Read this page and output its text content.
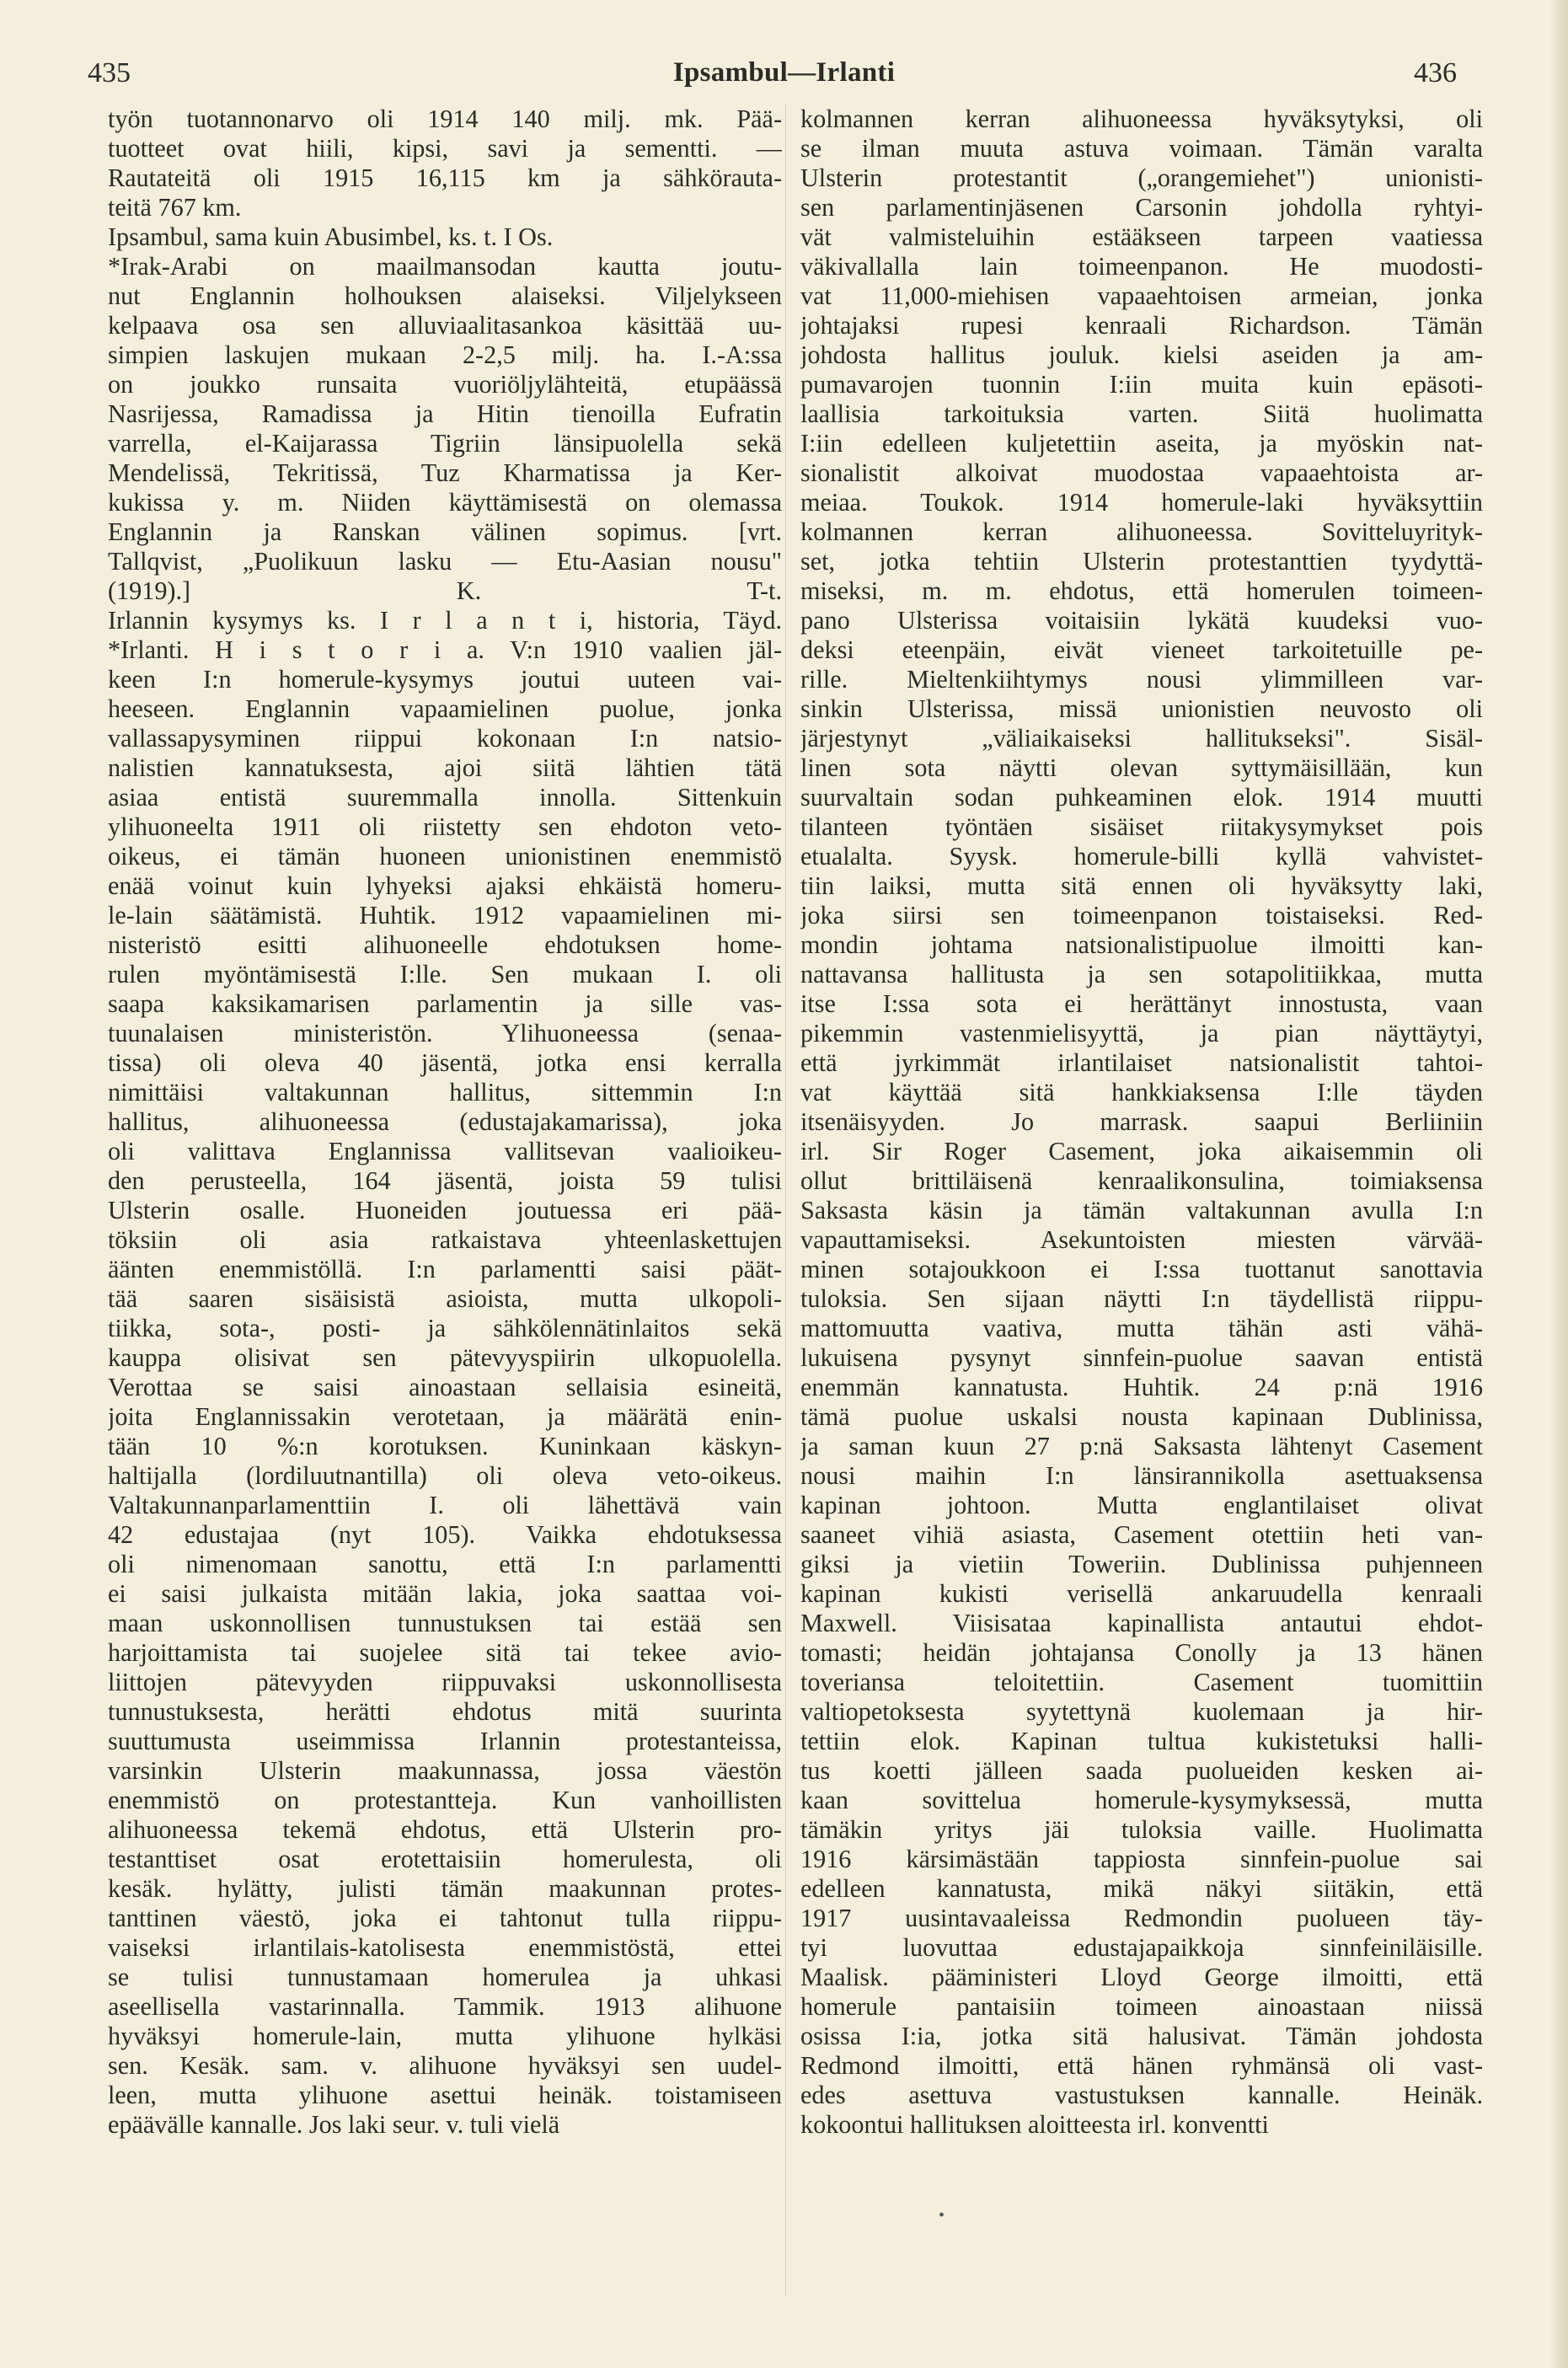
435	Ipsambul—Irlanti	436
työn tuotannonarvo oli 1914 140 milj. mk. Pää-
tuotteet ovat hiili, kipsi, savi ja sementti. —
Rautateitä oli 1915 16,115 km ja sähkörauta-
teitä 767 km.
Ipsambul, sama kuin Abusimbel, ks. t. I Os.
*Irak-Arabi on maailmansodan kautta joutu-
nut Englannin holhouksen alaiseksi. Viljelykseen
kelpaava osa sen alluviaalitasankoa käsittää uu-
simpien laskujen mukaan 2-2,5 milj. ha. I.-A:ssa
on joukko runsaita vuoriöljylähteitä, etupäässä
Nasrijessa, Ramadissa ja Hitin tienoilla Eufratin
varrella, el-Kaijarassa Tigriin länsipuolella sekä
Mendelissä, Tekritissä, Tuz Kharmatissa ja Ker-
kukissa y. m. Niiden käyttämisestä on olemassa
Englannin ja Ranskan välinen sopimus. [vrt.
Tallqvist, „Puolikuun lasku — Etu-Aasian nousu"
(1919).] K. T-t.
Irlannin kysymys ks. I r l a n t i, historia, Täyd.
*Irlanti. H i s t o r i a. V:n 1910 vaalien jäl-
keen I:n homerule-kysymys joutui uuteen vai-
heeseen. Englannin vapaamielinen puolue, jonka
vallassapysyminen riippui kokonaan I:n natsio-
nalistien kannatuksesta, ajoi siitä lähtien tätä
asiaa entistä suuremmalla innolla. Sittenkuin
ylihuoneelta 1911 oli riistetty sen ehdoton veto-
oikeus, ei tämän huoneen unionistinen enemmistö
enää voinut kuin lyhyeksi ajaksi ehkäistä homeru-
le-lain säätämistä. Huhtik. 1912 vapaamielinen mi-
nisteristö esitti alihuoneelle ehdotuksen home-
rulen myöntämisestä I:lle. Sen mukaan I. oli
saapa kaksikamarisen parlamentin ja sille vas-
tuunalaisen ministeristön. Ylihuoneessa (senaa-
tissa) oli oleva 40 jäsentä, jotka ensi kerralla
nimittäisi valtakunnan hallitus, sittemmin I:n
hallitus, alihuoneessa (edustajakamarissa), joka
oli valittava Englannissa vallitsevan vaalioikeu-
den perusteella, 164 jäsentä, joista 59 tulisi
Ulsterin osalle. Huoneiden joutuessa eri pää-
töksiin oli asia ratkaistava yhteenlaskettujen
äänten enemmistöllä. I:n parlamentti saisi päät-
tää saaren sisäisistä asioista, mutta ulkopoli-
tiikka, sota-, posti- ja sähkölennätinlaitos sekä
kauppa olisivat sen pätevyyspiirin ulkopuolella.
Verottaa se saisi ainoastaan sellaisia esineitä,
joita Englannissakin verotetaan, ja määrätä enin-
tään 10 %:n korotuksen. Kuninkaan käskyn-
haltijalla (lordiluutnantilla) oli oleva veto-oikeus.
Valtakunnanparlamenttiin I. oli lähettävä vain
42 edustajaa (nyt 105). Vaikka ehdotuksessa
oli nimenomaan sanottu, että I:n parlamentti
ei saisi julkaista mitään lakia, joka saattaa voi-
maan uskonnollisen tunnustuksen tai estää sen
harjoittamista tai suojelee sitä tai tekee avio-
liittojen pätevyyden riippuvaksi uskonnollisesta
tunnustuksesta, herätti ehdotus mitä suurinta
suuttumusta useimmissa Irlannin protestanteissa,
varsinkin Ulsterin maakunnassa, jossa väestön
enemmistö on protestantteja. Kun vanhoillisten
alihuoneessa tekemä ehdotus, että Ulsterin pro-
testanttiset osat erotettaisiin homerulesta, oli
kesäk. hylätty, julisti tämän maakunnan protes-
tanttinen väestö, joka ei tahtonut tulla riippu-
vaiseksi irlantilais-katolisesta enemmistöstä, ettei
se tulisi tunnustamaan homerulea ja uhkasi
aseellisella vastarinnalla. Tammik. 1913 alihuone
hyväksyi homerule-lain, mutta ylihuone hylkäsi
sen. Kesäk. sam. v. alihuone hyväksyi sen uudel-
leen, mutta ylihuone asettui heinäk. toistamiseen
epäävälle kannalle. Jos laki seur. v. tuli vielä
kolmannen kerran alihuoneessa hyväksytyksi, oli
se ilman muuta astuva voimaan. Tämän varalta
Ulsterin protestantit („orangemiehet") unionisti-
sen parlamentinjäsenen Carsonin johdolla ryhtyi-
vät valmisteluihin estääkseen tarpeen vaatiessa
väkivallalla lain toimeenpanon. He muodosti-
vat 11,000-miehisen vapaaehtoisen armeian, jonka
johtajaksi rupesi kenraali Richardson. Tämän
johdosta hallitus jouluk. kielsi aseiden ja am-
pumavarojen tuonnin I:iin muita kuin epäsoti-
laallisia tarkoituksia varten. Siitä huolimatta
I:iin edelleen kuljetettiin aseita, ja myöskin nat-
sionalistit alkoivat muodostaa vapaaehtoista ar-
meiaa. Toukok. 1914 homerule-laki hyväksyttiin
kolmannen kerran alihuoneessa. Sovitteluyrityk-
set, jotka tehtiin Ulsterin protestanttien tyydyttä-
miseksi, m. m. ehdotus, että homerulen toimeen-
pano Ulsterissa voitaisiin lykätä kuudeksi vuo-
deksi eteenpäin, eivät vieneet tarkoitetuille pe-
rille. Mieltenkiihtymys nousi ylimmilleen var-
sinkin Ulsterissa, missä unionistien neuvosto oli
järjestynyt „väliaikaiseksi hallitukseksi". Sisäl-
linen sota näytti olevan syttymäisillään, kun
suurvaltain sodan puhkeaminen elok. 1914 muutti
tilanteen työntäen sisäiset riitakysymykset pois
etualalta. Syysk. homerule-billi kyllä vahvistet-
tiin laiksi, mutta sitä ennen oli hyväksytty laki,
joka siirsi sen toimeenpanon toistaiseksi. Red-
mondin johtama natsionalistipuolue ilmoitti kan-
nattavansa hallitusta ja sen sotapolitiikkaa, mutta
itse I:ssa sota ei herättänyt innostusta, vaan
pikemmin vastenmielisyyttä, ja pian näyttäytyi,
että jyrkimmät irlantilaiset natsionalistit tahtoi-
vat käyttää sitä hankkiaksensa I:lle täyden
itsenäisyyden. Jo marrask. saapui Berliiniin
irl. Sir Roger Casement, joka aikaisemmin oli
ollut brittiläisenä kenraalikonsulina, toimiaksensa
Saksasta käsin ja tämän valtakunnan avulla I:n
vapauttamiseksi. Asekuntoisten miesten värvää-
minen sotajoukkoon ei I:ssa tuottanut sanottavia
tuloksia. Sen sijaan näytti I:n täydellistä riippu-
mattomuutta vaativa, mutta tähän asti vähä-
lukuisena pysynyt sinnfein-puolue saavan entistä
enemmän kannatusta. Huhtik. 24 p:nä 1916
tämä puolue uskalsi nousta kapinaan Dublinissa,
ja saman kuun 27 p:nä Saksasta lähtenyt Casement
nousi maihin I:n länsirannikolla asettuaksensa
kapinan johtoon. Mutta englantilaiset olivat
saaneet vihiä asiasta, Casement otettiin heti van-
giksi ja vietiin Toweriin. Dublinissa puhjenneen
kapinan kukisti verisellä ankaruudella kenraali
Maxwell. Viisisataa kapinallista antautui ehdot-
tomasti; heidän johtajansa Conolly ja 13 hänen
toveriansa teloitettiin. Casement tuomittiin
valtiopetoksesta syytettynä kuolemaan ja hir-
tettiin elok. Kapinan tultua kukistetuksi halli-
tus koetti jälleen saada puolueiden kesken ai-
kaan sovittelua homerule-kysymyksessä, mutta
tämäkin yritys jäi tuloksia vaille. Huolimatta
1916 kärsimästään tappiosta sinnfein-puolue sai
edelleen kannatusta, mikä näkyi siitäkin, että
1917 uusintavaaleissa Redmondin puolueen täy-
tyi luovuttaa edustajapaikkoja sinnfeiniläisille.
Maalisk. pääministeri Lloyd George ilmoitti, että
homerule pantaisiin toimeen ainoastaan niissä
osissa I:ia, jotka sitä halusivat. Tämän johdosta
Redmond ilmoitti, että hänen ryhmänsä oli vast-
edes asettuva vastustuksen kannalle. Heinäk.
kokoontui hallituksen aloitteesta irl. konventti
•
